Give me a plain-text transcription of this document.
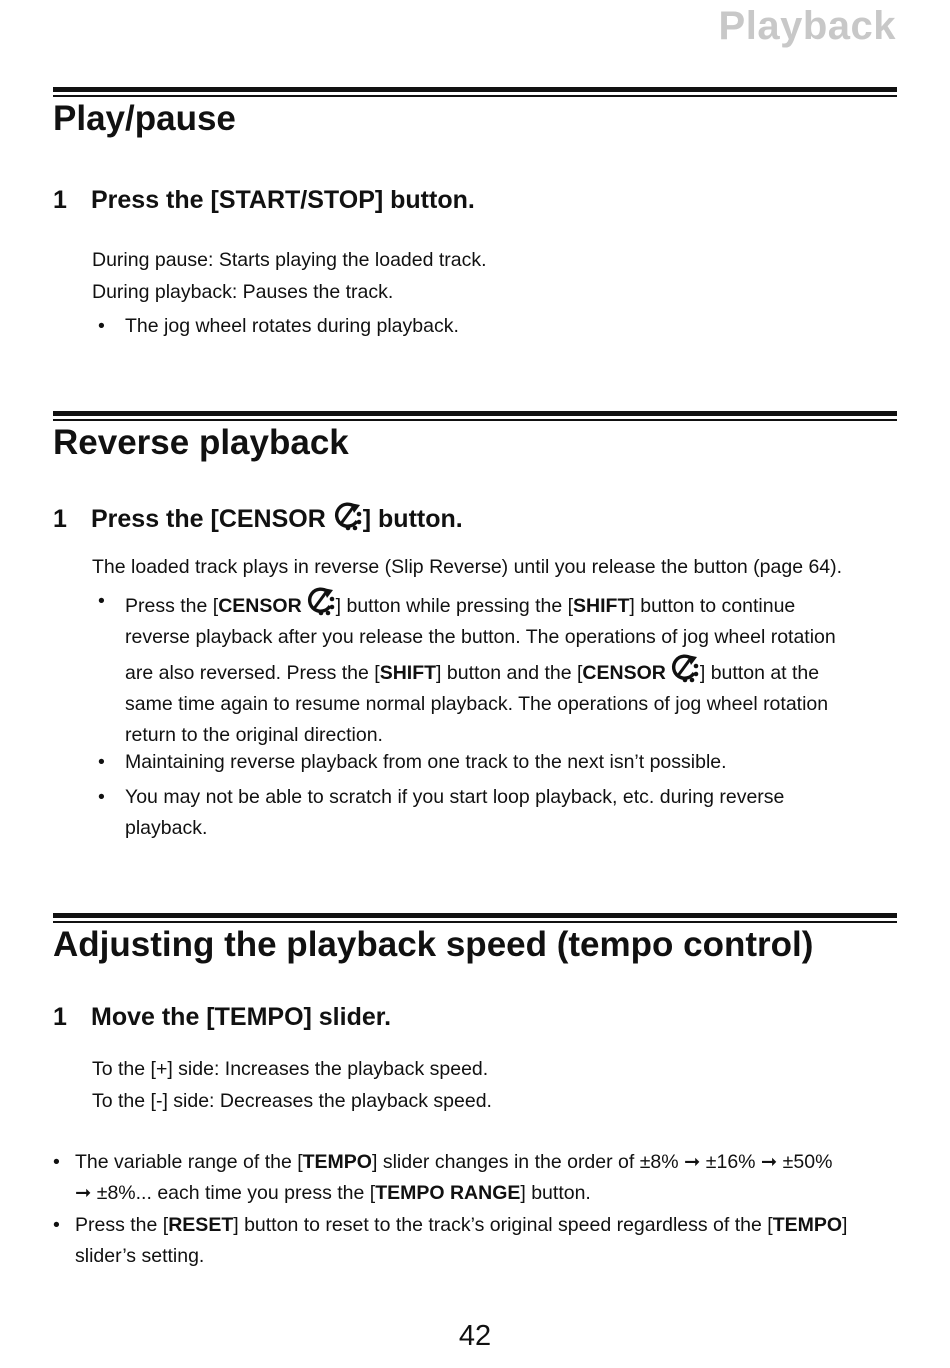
Playback
Play/pause
1 Press the [START/STOP] button.
During pause: Starts playing the loaded track.
During playback: Pauses the track.
• The jog wheel rotates during playback.
Reverse playback
1 Press the [CENSOR ] button.
The loaded track plays in reverse (Slip Reverse) until you release the button (page 64).
• Press the [CENSOR ] button while pressing the [SHIFT] button to continue
reverse playback after you release the button. The operations of jog wheel rotation
are also reversed. Press the [SHIFT] button and the [CENSOR ] button at the
same time again to resume normal playback. The operations of jog wheel rotation
return to the original direction.
• Maintaining reverse playback from one track to the next isn’t possible.
• You may not be able to scratch if you start loop playback, etc. during reverse
playback.
Adjusting the playback speed (tempo control)
1 Move the [TEMPO] slider.
To the [+] side: Increases the playback speed.
To the [-] side: Decreases the playback speed.
• The variable range of the [TEMPO] slider changes in the order of ±8% ➞ ±16% ➞ ±50%
➞ ±8%... each time you press the [TEMPO RANGE] button.
• Press the [RESET] button to reset to the track’s original speed regardless of the [TEMPO]
slider’s setting.
42
